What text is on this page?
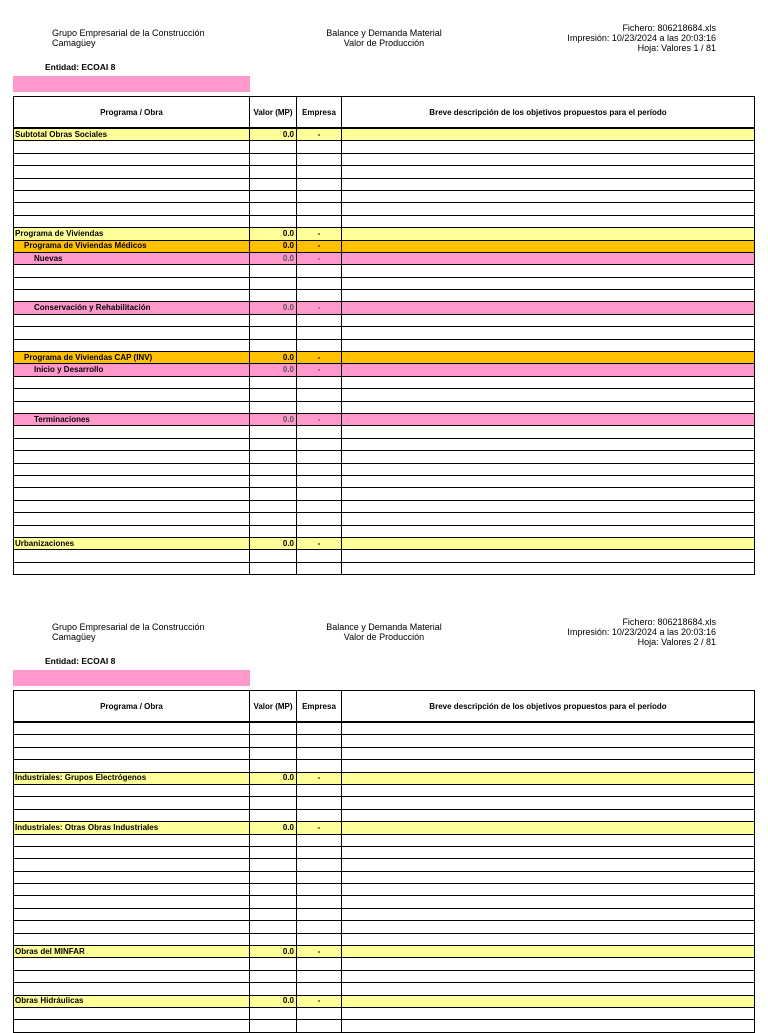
Grupo Empresarial de la Construcción
Camagüey
Balance y Demanda Material
Valor de Producción
Fichero: 806218684.xls
Impresión: 10/23/2024 a las 20:03:16
Hoja: Valores 1 / 81
Entidad: ECOAI 8
Programa / Obra	Valor (MP)	Empresa	Breve descripción de los objetivos propuestos para el período
Subtotal Obras Sociales	0.0	-	

Programa de Viviendas	0.0	-	
Programa de Viviendas Médicos	0.0	-	
Nuevas	0.0	-	

Conservación y Rehabilitación	0.0	-	

Programa de Viviendas CAP (INV)	0.0	-	
Inicio y Desarrollo	0.0	-	

Terminaciones	0.0	-	

Urbanizaciones	0.0	-	

Grupo Empresarial de la Construcción
Camagüey
Balance y Demanda Material
Valor de Producción
Fichero: 806218684.xls
Impresión: 10/23/2024 a las 20:03:16
Hoja: Valores 2 / 81
Entidad: ECOAI 8
Programa / Obra	Valor (MP)	Empresa	Breve descripción de los objetivos propuestos para el período

Industriales: Grupos Electrógenos	0.0	-	

Industriales: Otras Obras Industriales	0.0	-	

Obras del MINFAR	0.0	-	

Obras Hidráulicas	0.0	-	
